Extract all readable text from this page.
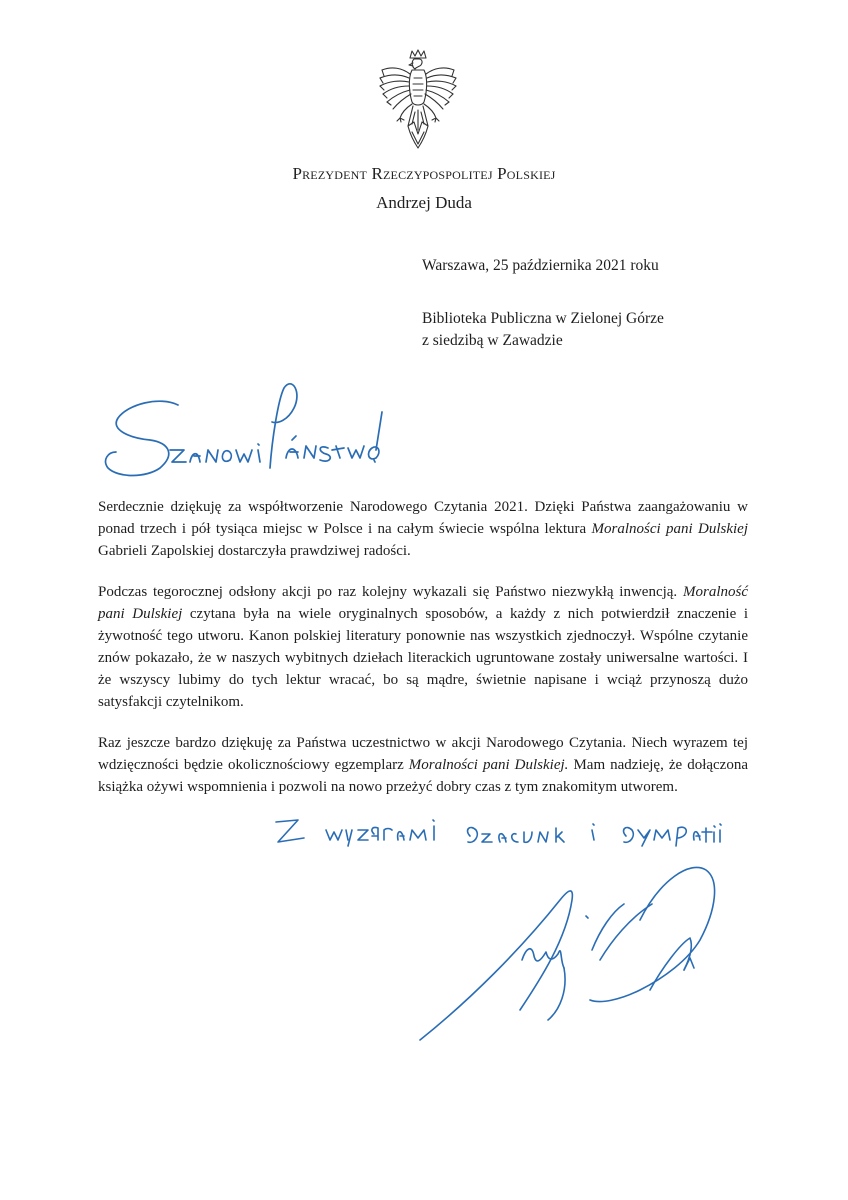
Prezydent Rzeczypospolitej Polskiej
Andrzej Duda
Warszawa, 25 października 2021 roku
Biblioteka Publiczna w Zielonej Górze
z siedzibą w Zawadzie

Serdecznie dziękuję za współtworzenie Narodowego Czytania 2021. Dzięki Państwa zaangażowaniu w ponad trzech i pół tysiąca miejsc w Polsce i na całym świecie wspólna lektura Moralności pani Dulskiej Gabrieli Zapolskiej dostarczyła prawdziwej radości.

Podczas tegorocznej odsłony akcji po raz kolejny wykazali się Państwo niezwykłą inwencją. Moralność pani Dulskiej czytana była na wiele oryginalnych sposobów, a każdy z nich potwierdził znaczenie i żywotność tego utworu. Kanon polskiej literatury ponownie nas wszystkich zjednoczył. Wspólne czytanie znów pokazało, że w naszych wybitnych dziełach literackich ugruntowane zostały uniwersalne wartości. I że wszyscy lubimy do tych lektur wracać, bo są mądre, świetnie napisane i wciąż przynoszą dużo satysfakcji czytelnikom.

Raz jeszcze bardzo dziękuję za Państwa uczestnictwo w akcji Narodowego Czytania. Niech wyrazem tej wdzięczności będzie okolicznościowy egzemplarz Moralności pani Dulskiej. Mam nadzieję, że dołączona książka ożywi wspomnienia i pozwoli na nowo przeżyć dobry czas z tym znakomitym utworem.
